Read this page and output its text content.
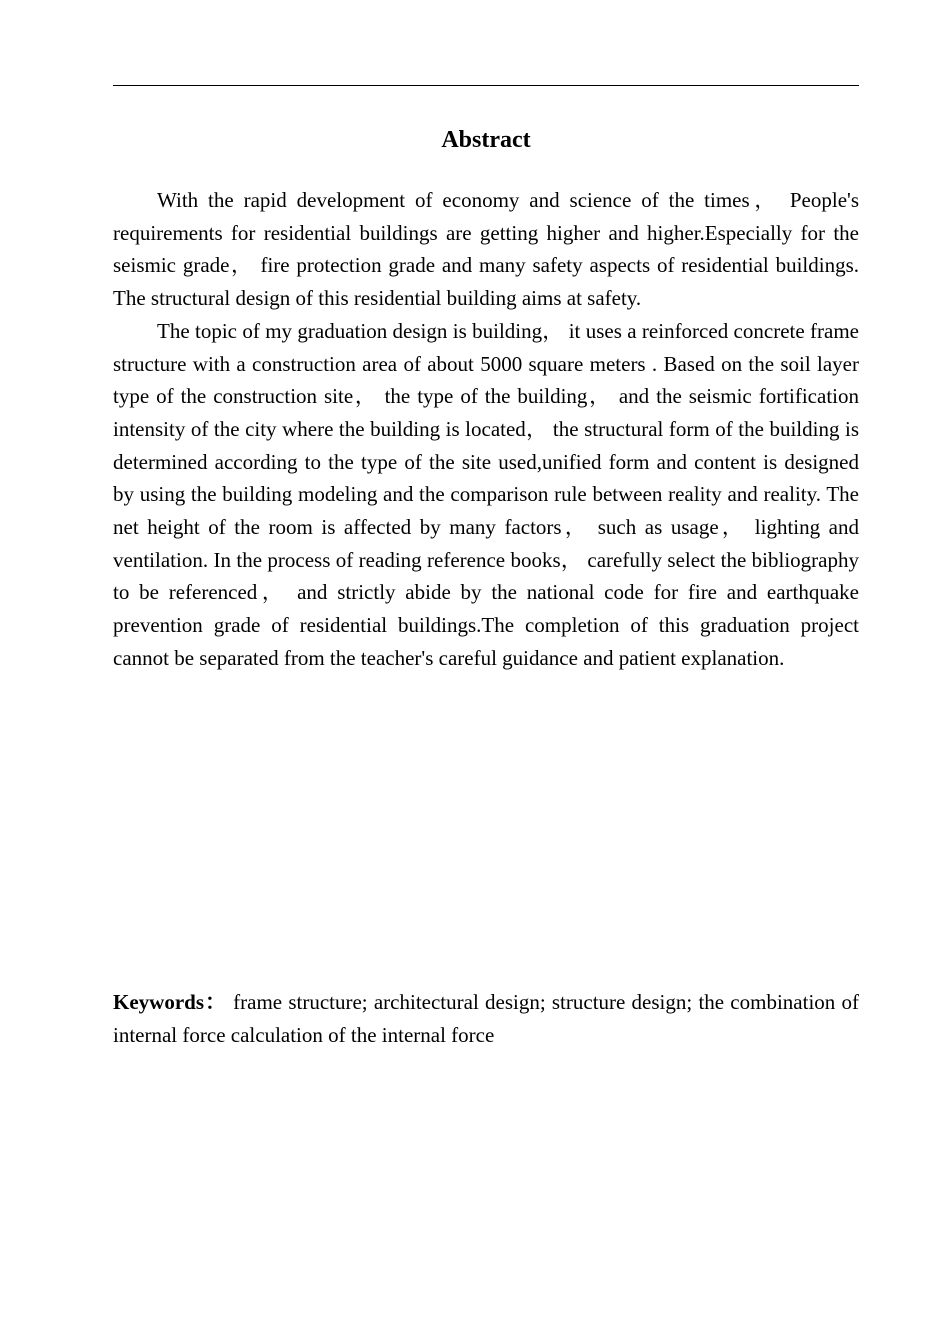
Abstract

With the rapid development of economy and science of the times， People's requirements for residential buildings are getting higher and higher.Especially for the seismic grade， fire protection grade and many safety aspects of residential buildings. The structural design of this residential building aims at safety.

The topic of my graduation design is building， it uses a reinforced concrete frame structure with a construction area of about 5000 square meters . Based on the soil layer type of the construction site， the type of the building， and the seismic fortification intensity of the city where the building is located， the structural form of the building is determined according to the type of the site used,unified form and content is designed by using the building modeling and the comparison rule between reality and reality. The net height of the room is affected by many factors， such as usage， lighting and ventilation. In the process of reading reference books， carefully select the bibliography to be referenced， and strictly abide by the national code for fire and earthquake prevention grade of residential buildings.The completion of this graduation project cannot be separated from the teacher's careful guidance and patient explanation.

Keywords： frame structure; architectural design; structure design; the combination of internal force calculation of the internal force
